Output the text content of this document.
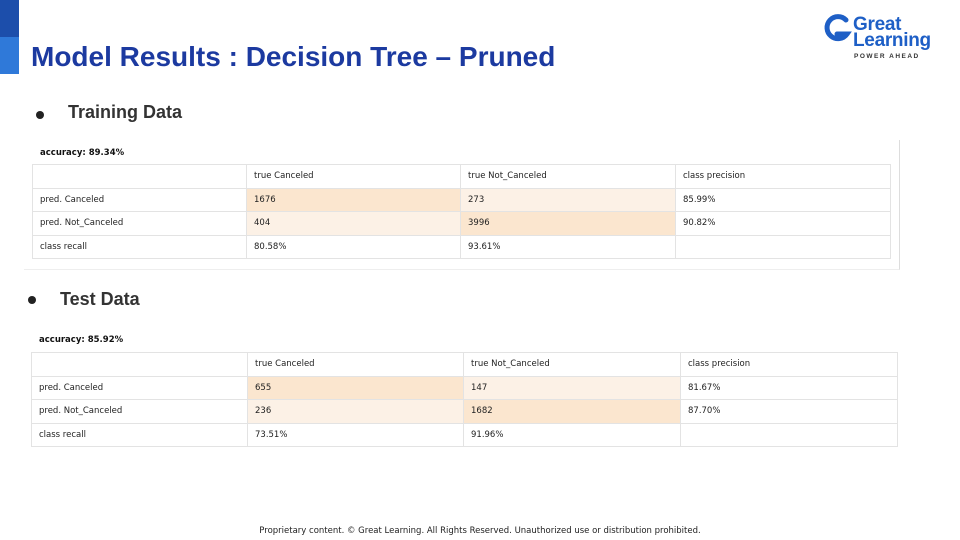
Model Results : Decision Tree – Pruned
Great
Learning
POWER AHEAD
Training Data
accuracy: 89.34%
	true Canceled	true Not_Canceled	class precision
pred. Canceled	1676	273	85.99%
pred. Not_Canceled	404	3996	90.82%
class recall	80.58%	93.61%	
Test Data
accuracy: 85.92%
	true Canceled	true Not_Canceled	class precision
pred. Canceled	655	147	81.67%
pred. Not_Canceled	236	1682	87.70%
class recall	73.51%	91.96%	
Proprietary content. © Great Learning. All Rights Reserved. Unauthorized use or distribution prohibited.
